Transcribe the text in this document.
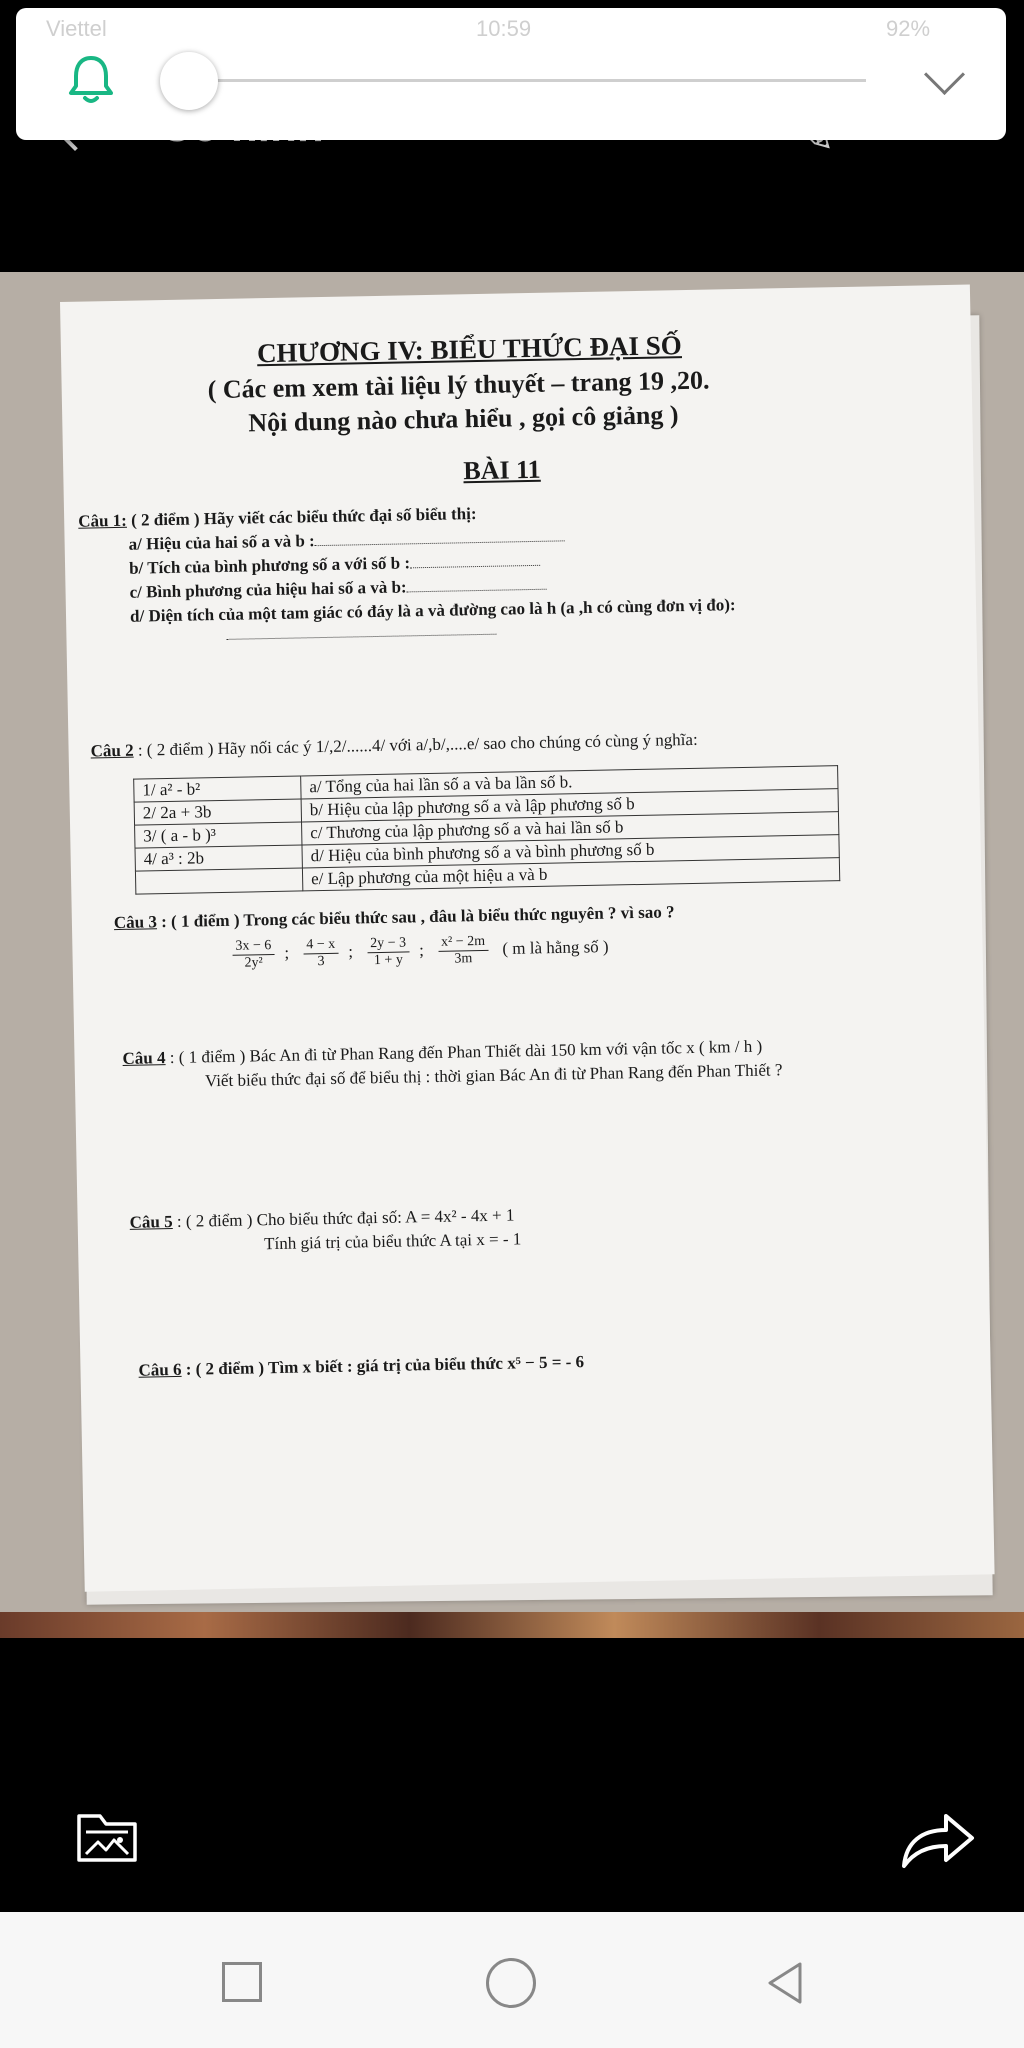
Viettel	10:59	92%
CHƯƠNG IV: BIỂU THỨC ĐẠI SỐ
( Các em xem tài liệu lý thuyết – trang 19 ,20.
Nội dung nào chưa hiểu , gọi cô giảng )
BÀI 11
Câu 1: ( 2 điểm ) Hãy viết các biểu thức đại số biểu thị:
a/ Hiệu của hai số a và b :
b/ Tích của bình phương số a với số b :
c/ Bình phương của hiệu hai số a và b:
d/ Diện tích của một tam giác có đáy là a và đường cao là h (a ,h có cùng đơn vị đo):
Câu 2 : ( 2 điểm ) Hãy nối các ý 1/,2/......4/ với a/,b/,....e/ sao cho chúng có cùng ý nghĩa:
1/ a² - b²	a/ Tổng của hai lần số a và ba lần số b.
2/ 2a + 3b	b/ Hiệu của lập phương số a và lập phương số b
3/ ( a - b )³	c/ Thương của lập phương số a và hai lần số b
4/ a³ : 2b	d/ Hiệu của bình phương số a và bình phương số b
	e/ Lập phương của một hiệu a và b
Câu 3 : ( 1 điểm ) Trong các biểu thức sau , đâu là biểu thức nguyên ? vì sao ?
$\frac{3x - 6}{\text{2y²}}$ ; $\frac{4 - x}{3}$ ; $\frac{2y - 3}{1 + y}$ ; $\frac{\text{x² − 2m}}{3m}$ ( m là hằng số )
Câu 4 : ( 1 điểm ) Bác An đi từ Phan Rang đến Phan Thiết dài 150 km với vận tốc x ( km / h )
Viết biểu thức đại số để biểu thị : thời gian Bác An đi từ Phan Rang đến Phan Thiết ?
Câu 5 : ( 2 điểm ) Cho biểu thức đại số: A = 4x² - 4x + 1
Tính giá trị của biểu thức A tại x = - 1
Câu 6 : ( 2 điểm ) Tìm x biết : giá trị của biểu thức x⁵ − 5 = - 6
